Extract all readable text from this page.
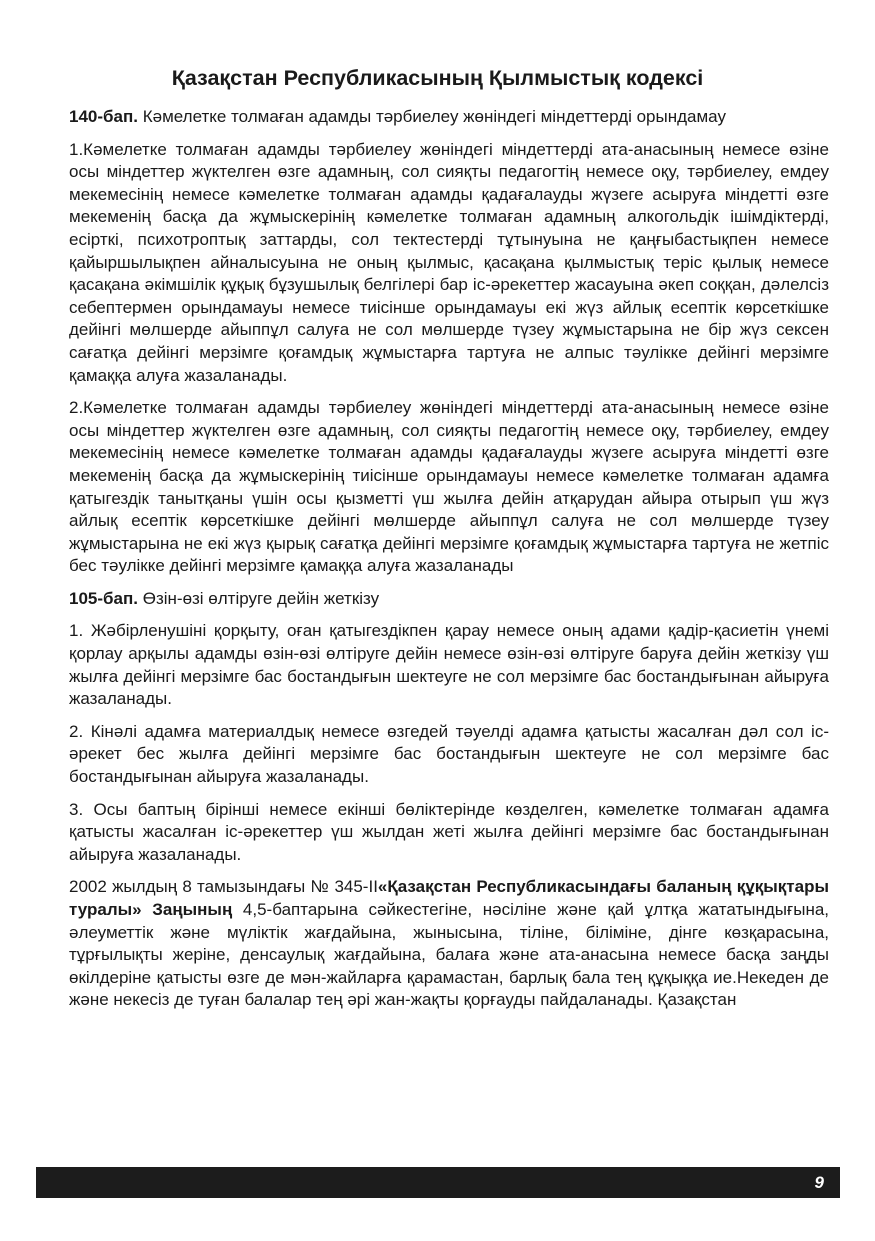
Қазақстан Республикасының Қылмыстық кодексі

140-бап. Кәмелетке толмаған адамды тәрбиелеу жөніндегі міндеттерді орындамау

1.Кәмелетке толмаған адамды тәрбиелеу жөніндегі міндеттерді ата-анасының немесе өзіне осы міндеттер жүктелген өзге адамның, сол сияқты педагогтің немесе оқу, тәрбиелеу, емдеу мекемесінің немесе кәмелетке толмаған адамды қадағалауды жүзеге асыруға міндетті өзге мекеменің басқа да жұмыскерінің кәмелетке толмаған адамның алкогольдік ішімдіктерді, есірткі, психотроптық заттарды, сол тектестерді тұтынуына не қаңғыбастықпен немесе қайыршылықпен айналысуына не оның қылмыс, қасақана қылмыстық теріс қылық немесе қасақана әкімшілік құқық бұзушылық белгілері бар іс-әрекеттер жасауына әкеп соққан, дәлелсіз себептермен орындамауы немесе тиісінше орындамауы екі жүз айлық есептік көрсеткішке дейінгі мөлшерде айыппұл салуға не сол мөлшерде түзеу жұмыстарына не бір жүз сексен сағатқа дейінгі мерзімге қоғамдық жұмыстарға тартуға не алпыс тәулікке дейінгі мерзімге қамаққа алуға жазаланады.

2.Кәмелетке толмаған адамды тәрбиелеу жөніндегі міндеттерді ата-анасының немесе өзіне осы міндеттер жүктелген өзге адамның, сол сияқты педагогтің немесе оқу, тәрбиелеу, емдеу мекемесінің немесе кәмелетке толмаған адамды қадағалауды жүзеге асыруға міндетті өзге мекеменің басқа да жұмыскерінің тиісінше орындамауы немесе кәмелетке толмаған адамға қатыгездік танытқаны үшін осы қызметті үш жылға дейін атқарудан айыра отырып үш жүз айлық есептік көрсеткішке дейінгі мөлшерде айыппұл салуға не сол мөлшерде түзеу жұмыстарына не екі жүз қырық сағатқа дейінгі мерзімге қоғамдық жұмыстарға тартуға не жетпіс бес тәулікке дейінгі мерзімге қамаққа алуға жазаланады

105-бап. Өзін-өзі өлтіруге дейін жеткізу

1. Жәбірленушіні қорқыту, оған қатыгездікпен қарау немесе оның адами қадір-қасиетін үнемі қорлау арқылы адамды өзін-өзі өлтіруге дейін немесе өзін-өзі өлтіруге баруға дейін жеткізу үш жылға дейінгі мерзімге бас бостандығын шектеуге не сол мерзімге бас бостандығынан айыруға жазаланады.

2. Кінәлі адамға материалдық немесе өзгедей тәуелді адамға қатысты жасалған дәл сол іс-әрекет бес жылға дейінгі мерзімге бас бостандығын шектеуге не сол мерзімге бас бостандығынан айыруға жазаланады.

3. Осы баптың бірінші немесе екінші бөліктерінде көзделген, кәмелетке толмаған адамға қатысты жасалған іс-әрекеттер үш жылдан жеті жылға дейінгі мерзімге бас бостандығынан айыруға жазаланады.

2002 жылдың 8 тамызындағы № 345-II«Қазақстан Республикасындағы баланың құқықтары туралы» Заңының 4,5-баптарына сәйкестегіне, нәсіліне және қай ұлтқа жататындығына, әлеуметтік және мүліктік жағдайына, жынысына, тіліне, біліміне, дінге көзқарасына, тұрғылықты жеріне, денсаулық жағдайына, балаға және ата-анасына немесе басқа заңды өкілдеріне қатысты өзге де мән-жайларға қарамастан, барлық бала тең құқыққа ие.Некеден де және некесіз де туған балалар тең әрі жан-жақты қорғауды пайдаланады. Қазақстан

9
